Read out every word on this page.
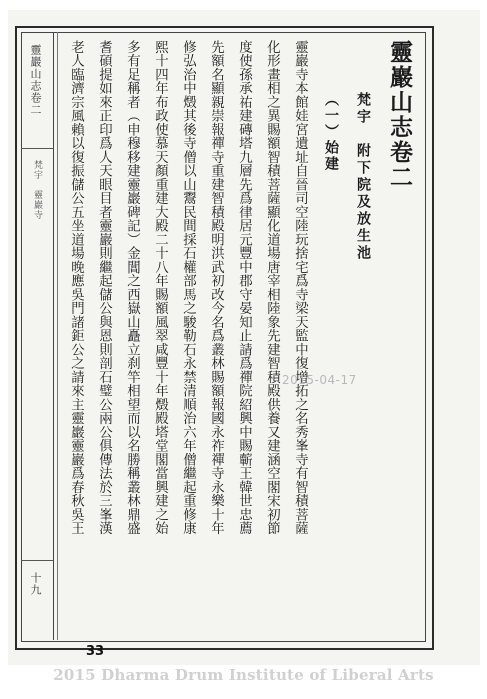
靈巖山志卷二
梵宇　靈巖寺
十九
靈巖山志卷二
梵宇　附下院及放生池
（一）始建
靈巖寺本館娃宮遺址自晉司空陸玩捨宅爲寺梁天監中復增拓之名秀峯寺有智積菩薩
化形畫相之異賜額智積菩薩顯化道場唐宰相陸象先建智積殿供養又建涵空閣宋初節
度使孫承祐建磚塔九層先爲律居元豐中郡守晏知止請爲禪院紹興中賜蘄王韓世忠薦
先額名顯親崇報禪寺重建智積殿明洪武初改今名爲叢林賜額報國永祚禪寺永樂十年
修弘治中燬其後寺僧以山鬻民間採石權部馬之駿勒石永禁清順治六年僧繼起重修康
熙十四年布政使慕天顏重建大殿二十八年賜額風翠咸豐十年燬殿塔堂閣當興建之始
多有足稱者（申穆移建靈巖碑記）金閶之西嶽山矗立刹竿相望而以名勝稱叢林鼎盛
耆碩提如來正印爲人天眼目者靈巖則繼起儲公與恩則剖石璧公兩公俱傳法於三峯漢
老人臨濟宗風賴以復振儲公五坐道場晚應吳門諸鉅公之請來主靈巖靈巖爲春秋吳王	2015-04-17
33
2015 Dharma Drum Institute of Liberal Arts
